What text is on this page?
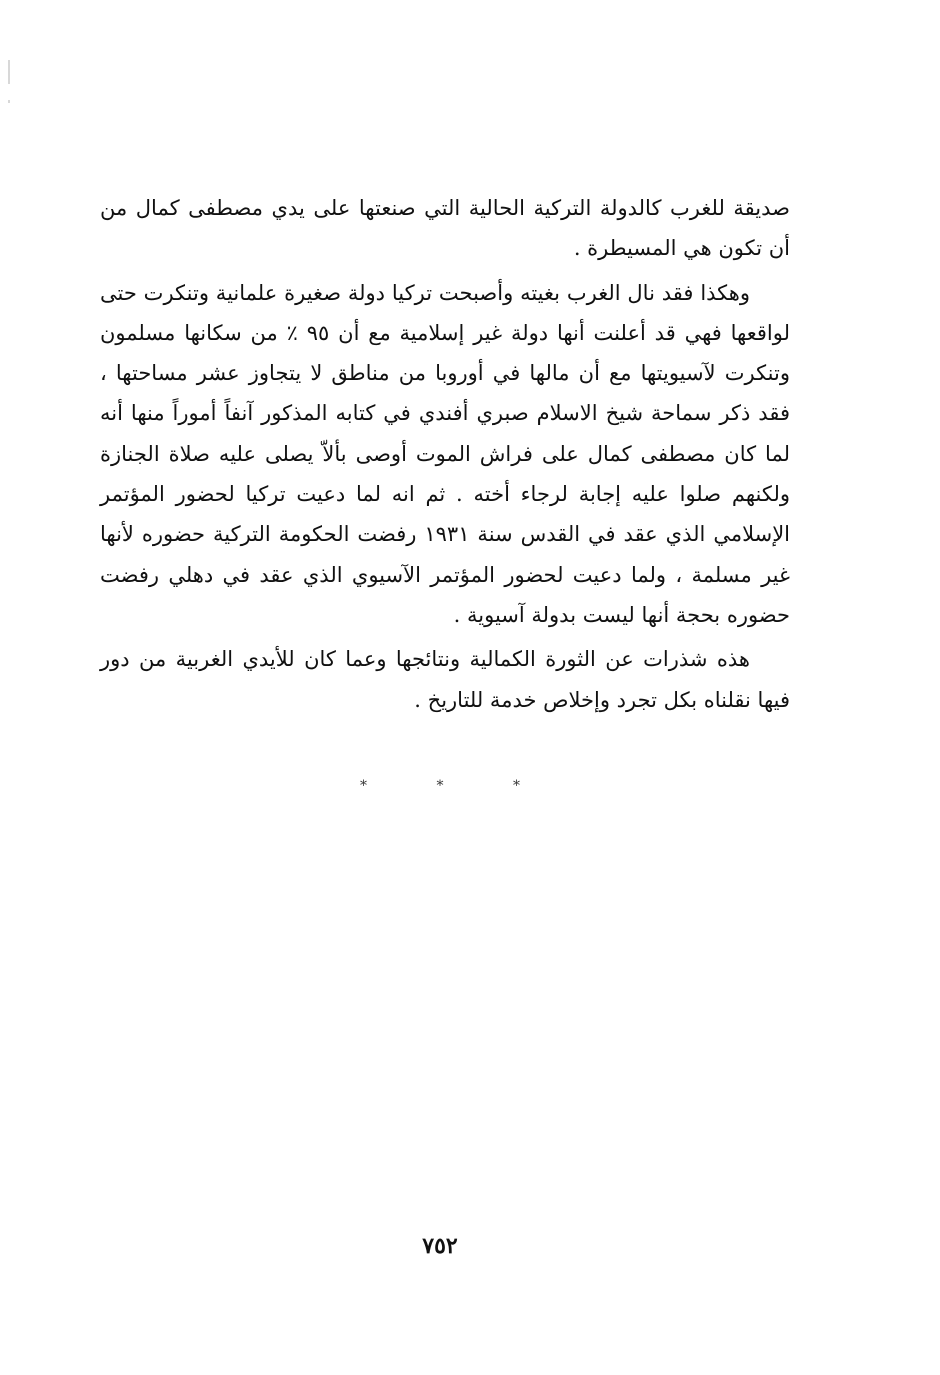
صديقة للغرب كالدولة التركية الحالية التي صنعتها على يدي مصطفى كمال من أن تكون هي المسيطرة .

وهكذا فقد نال الغرب بغيته وأصبحت تركيا دولة صغيرة علمانية وتنكرت حتى لواقعها فهي قد أعلنت أنها دولة غير إسلامية مع أن ٩٥ ٪ من سكانها مسلمون وتنكرت لآسيويتها مع أن مالها في أوروبا من مناطق لا يتجاوز عشر مساحتها ، فقد ذكر سماحة شيخ الاسلام صبري أفندي في كتابه المذكور آنفاً أموراً منها أنه لما كان مصطفى كمال على فراش الموت أوصى بألاّ يصلى عليه صلاة الجنازة ولكنهم صلوا عليه إجابة لرجاء أخته . ثم انه لما دعيت تركيا لحضور المؤتمر الإسلامي الذي عقد في القدس سنة ١٩٣١ رفضت الحكومة التركية حضوره لأنها غير مسلمة ، ولما دعيت لحضور المؤتمر الآسيوي الذي عقد في دهلي رفضت حضوره بحجة أنها ليست بدولة آسيوية .

هذه شذرات عن الثورة الكمالية ونتائجها وعما كان للأيدي الغربية من دور فيها نقلناه بكل تجرد وإخلاص خدمة للتاريخ .

*	*	*
٧٥٢
